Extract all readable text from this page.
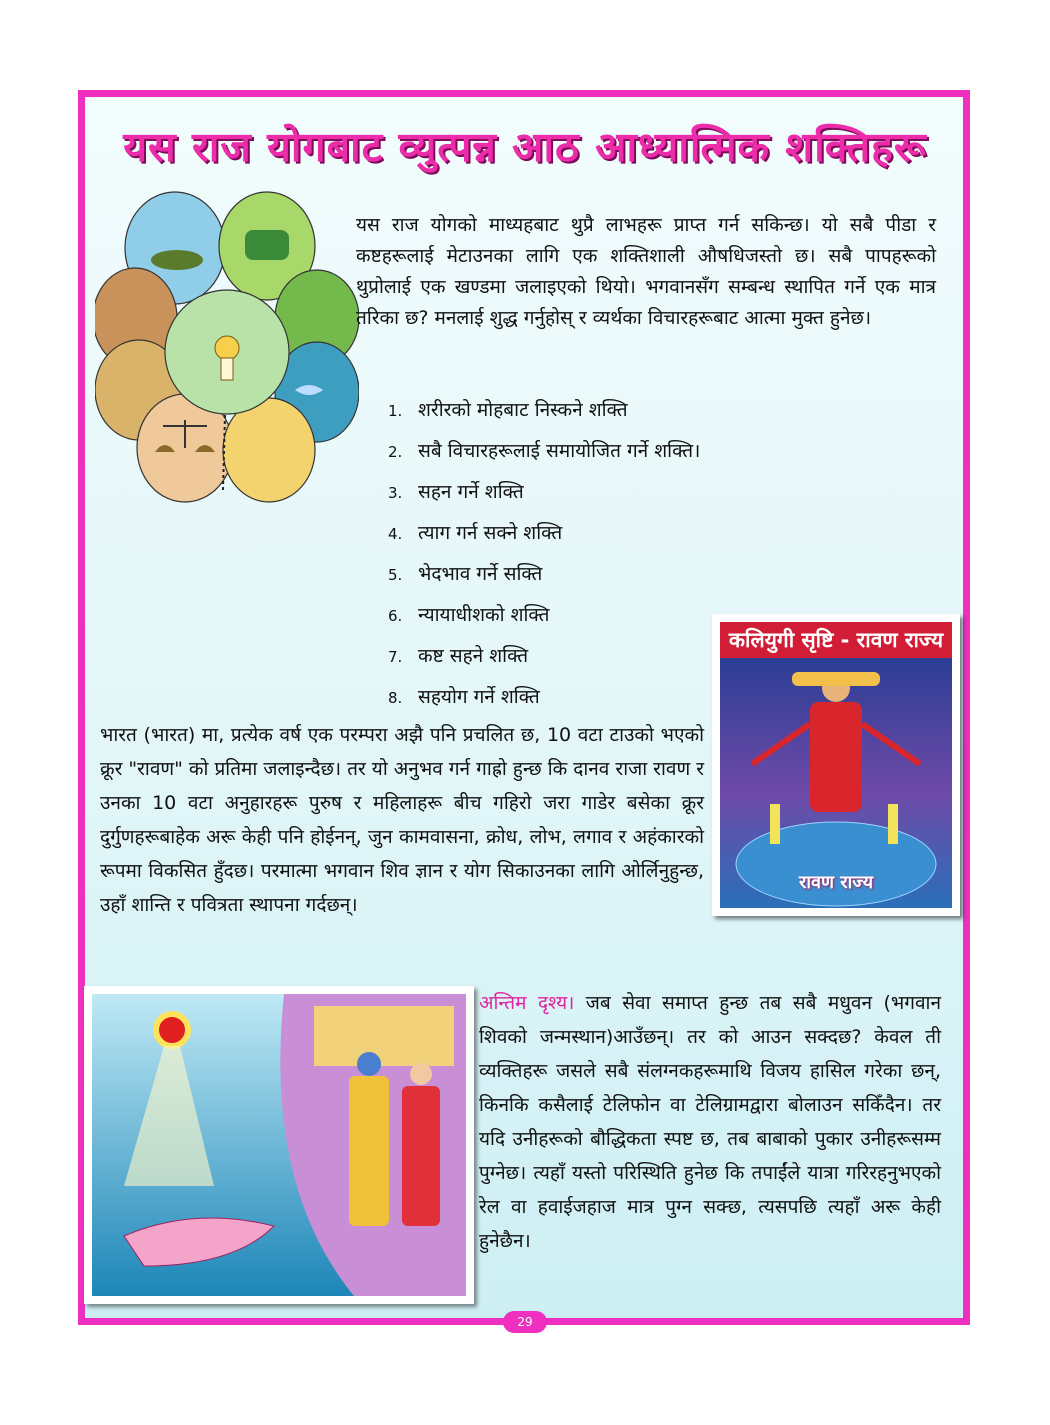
यस राज योगबाट व्युत्पन्न आठ आध्यात्मिक शक्तिहरू

यस राज योगको माध्यहबाट थुप्रै लाभहरू प्राप्त गर्न सकिन्छ। यो सबै पीडा र कष्टहरूलाई मेटाउनका लागि एक शक्तिशाली औषधिजस्तो छ। सबै पापहरूको थुप्रोलाई एक खण्डमा जलाइएको थियो। भगवानसँग सम्बन्ध स्थापित गर्ने एक मात्र तरिका छ? मनलाई शुद्ध गर्नुहोस् र व्यर्थका विचारहरूबाट आत्मा मुक्त हुनेछ।

1. शरीरको मोहबाट निस्कने शक्ति
2. सबै विचारहरूलाई समायोजित गर्ने शक्ति।
3. सहन गर्ने शक्ति
4. त्याग गर्न सक्ने शक्ति
5. भेदभाव गर्ने सक्ति
6. न्यायाधीशको शक्ति
7. कष्ट सहने शक्ति
8. सहयोग गर्ने शक्ति
कलियुगी सृष्टि - रावण राज्य
रावण राज्य

भारत (भारत) मा, प्रत्येक वर्ष एक परम्परा अझै पनि प्रचलित छ, 10 वटा टाउको भएको क्रूर "रावण" को प्रतिमा जलाइन्दैछ। तर यो अनुभव गर्न गाह्रो हुन्छ कि दानव राजा रावण र उनका 10 वटा अनुहारहरू पुरुष र महिलाहरू बीच गहिरो जरा गाडेर बसेका क्रूर दुर्गुणहरूबाहेक अरू केही पनि होईनन्, जुन कामवासना, क्रोध, लोभ, लगाव र अहंकारको रूपमा विकसित हुँदछ। परमात्मा भगवान शिव ज्ञान र योग सिकाउनका लागि ओर्लिनुहुन्छ, उहाँ शान्ति र पवित्रता स्थापना गर्दछन्।

अन्तिम दृश्य। जब सेवा समाप्त हुन्छ तब सबै मधुवन (भगवान शिवको जन्मस्थान)आउँछन्। तर को आउन सक्दछ? केवल ती व्यक्तिहरू जसले सबै संलग्नकहरूमाथि विजय हासिल गरेका छन्, किनकि कसैलाई टेलिफोन वा टेलिग्रामद्वारा बोलाउन सकिँदैन। तर यदि उनीहरूको बौद्धिकता स्पष्ट छ, तब बाबाको पुकार उनीहरूसम्म पुग्नेछ। त्यहाँ यस्तो परिस्थिति हुनेछ कि तपाईंले यात्रा गरिरहनुभएको रेल वा हवाईजहाज मात्र पुग्न सक्छ, त्यसपछि त्यहाँ अरू केही हुनेछैन।

29
